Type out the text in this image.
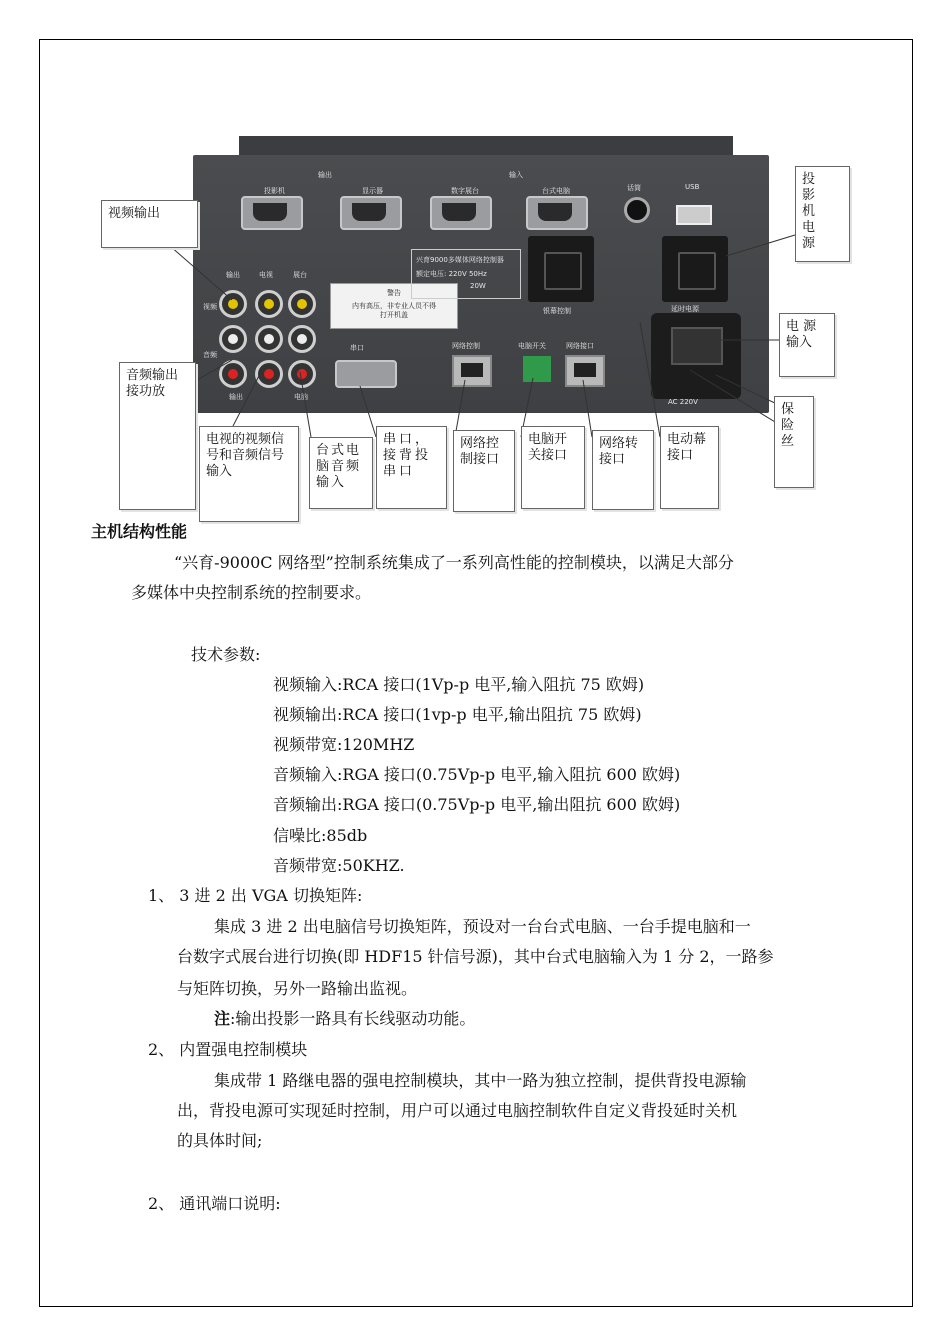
输出	输入
投影机	显示器	数字展台	台式电脑	话筒	USB
输出	电视	展台
视频
音频
输出	电脑
警告
内有高压，非专业人员不得打开机盖
兴育9000多媒体网络控制器
额定电压: 220V 50Hz
20W
银幕控制	延时电源
AC 220V
串口	网络控制	电脑开关	网络接口
视频输出
投 影 机 电 源
电 源 输入
保 险 丝
音频输出接功放
电视的视频信号和音频信号输入
台式电脑音频输入
串口，接背投串口
网络控制接口
电脑开关接口
网络转接口
电动幕接口
主机结构性能
“兴育-9000C 网络型”控制系统集成了一系列高性能的控制模块，以满足大部分
多媒体中央控制系统的控制要求。
技术参数:
视频输入:RCA 接口(1Vp-p 电平,输入阻抗 75 欧姆)
视频输出:RCA 接口(1vp-p 电平,输出阻抗 75 欧姆)
视频带宽:120MHZ
音频输入:RGA 接口(0.75Vp-p 电平,输入阻抗 600 欧姆)
音频输出:RGA 接口(0.75Vp-p 电平,输出阻抗 600 欧姆)
信噪比:85db
音频带宽:50KHZ.
1、 3 进 2 出 VGA 切换矩阵:
集成 3 进 2 出电脑信号切换矩阵，预设对一台台式电脑、一台手提电脑和一
台数字式展台进行切换(即 HDF15 针信号源)，其中台式电脑输入为 1 分 2，一路参
与矩阵切换，另外一路输出监视。
注:输出投影一路具有长线驱动功能。
2、 内置强电控制模块
集成带 1 路继电器的强电控制模块，其中一路为独立控制，提供背投电源输
出，背投电源可实现延时控制，用户可以通过电脑控制软件自定义背投延时关机
的具体时间;
2、 通讯端口说明:
